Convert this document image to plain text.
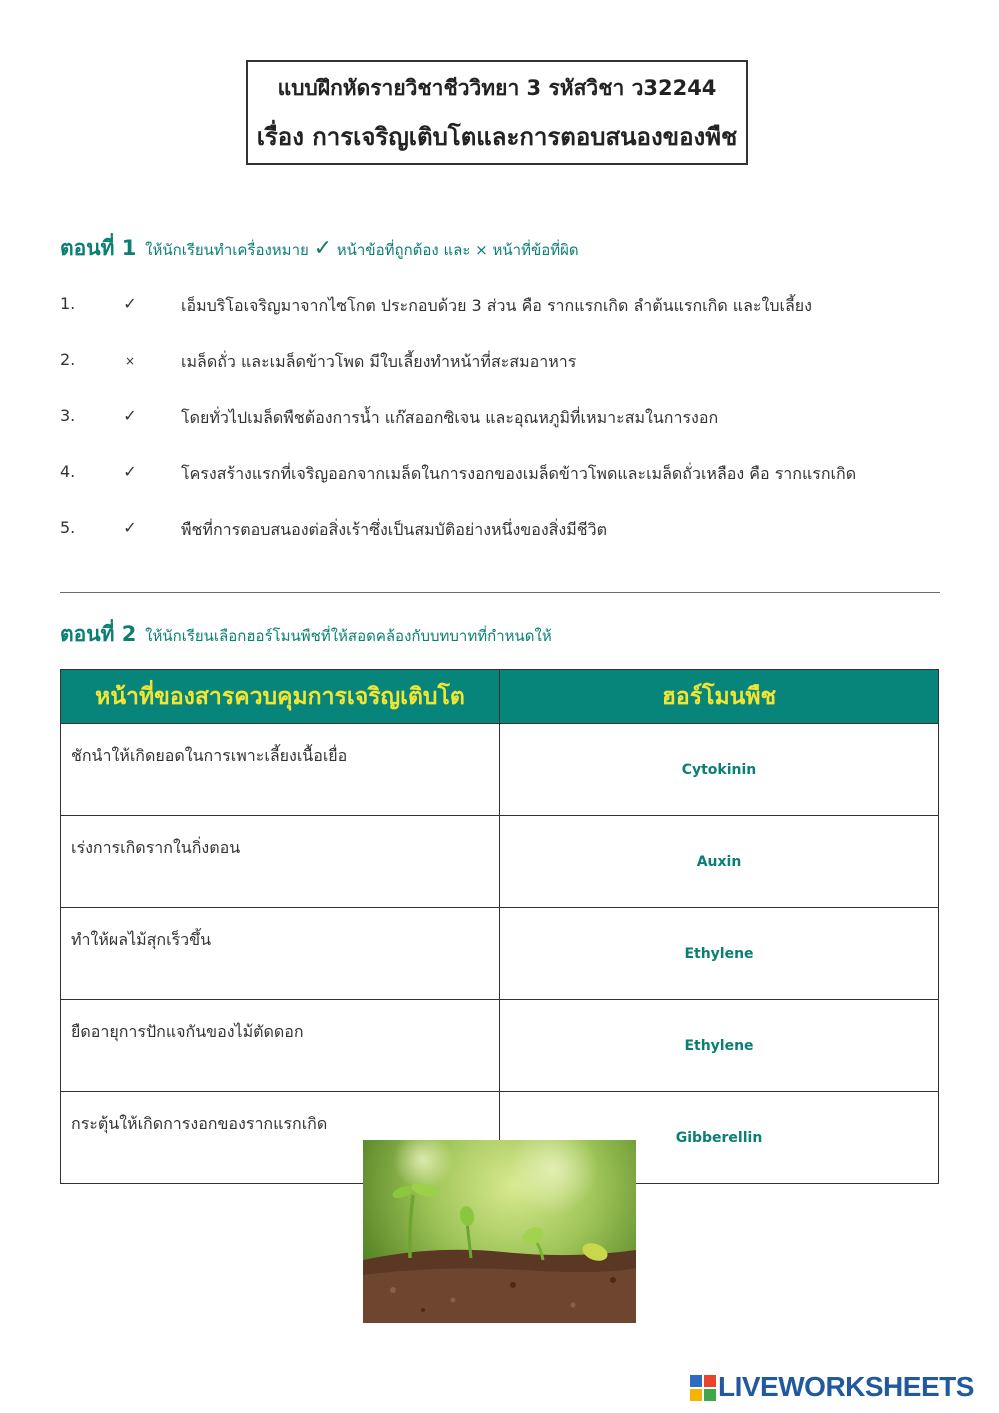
แบบฝึกหัดรายวิชาชีววิทยา 3 รหัสวิชา ว32244
เรื่อง การเจริญเติบโตและการตอบสนองของพืช
ตอนที่ 1 ให้นักเรียนทำเครื่องหมาย ✓ หน้าข้อที่ถูกต้อง และ × หน้าที่ข้อที่ผิด
1.	✓	เอ็มบริโอเจริญมาจากไซโกต ประกอบด้วย 3 ส่วน คือ รากแรกเกิด ลำต้นแรกเกิด และใบเลี้ยง
2.	×	เมล็ดถั่ว และเมล็ดข้าวโพด มีใบเลี้ยงทำหน้าที่สะสมอาหาร
3.	✓	โดยทั่วไปเมล็ดพืชต้องการน้ำ แก๊สออกซิเจน และอุณหภูมิที่เหมาะสมในการงอก
4.	✓	โครงสร้างแรกที่เจริญออกจากเมล็ดในการงอกของเมล็ดข้าวโพดและเมล็ดถั่วเหลือง คือ รากแรกเกิด
5.	✓	พืชที่การตอบสนองต่อสิ่งเร้าซึ่งเป็นสมบัติอย่างหนึ่งของสิ่งมีชีวิต
ตอนที่ 2 ให้นักเรียนเลือกฮอร์โมนพืชที่ให้สอดคล้องกับบทบาทที่กำหนดให้
หน้าที่ของสารควบคุมการเจริญเติบโต	ฮอร์โมนพืช
ชักนำให้เกิดยอดในการเพาะเลี้ยงเนื้อเยื่อ	Cytokinin
เร่งการเกิดรากในกิ่งตอน	Auxin
ทำให้ผลไม้สุกเร็วขึ้น	Ethylene
ยืดอายุการปักแจกันของไม้ตัดดอก	Ethylene
กระตุ้นให้เกิดการงอกของรากแรกเกิด	Gibberellin
LIVEWORKSHEETS
